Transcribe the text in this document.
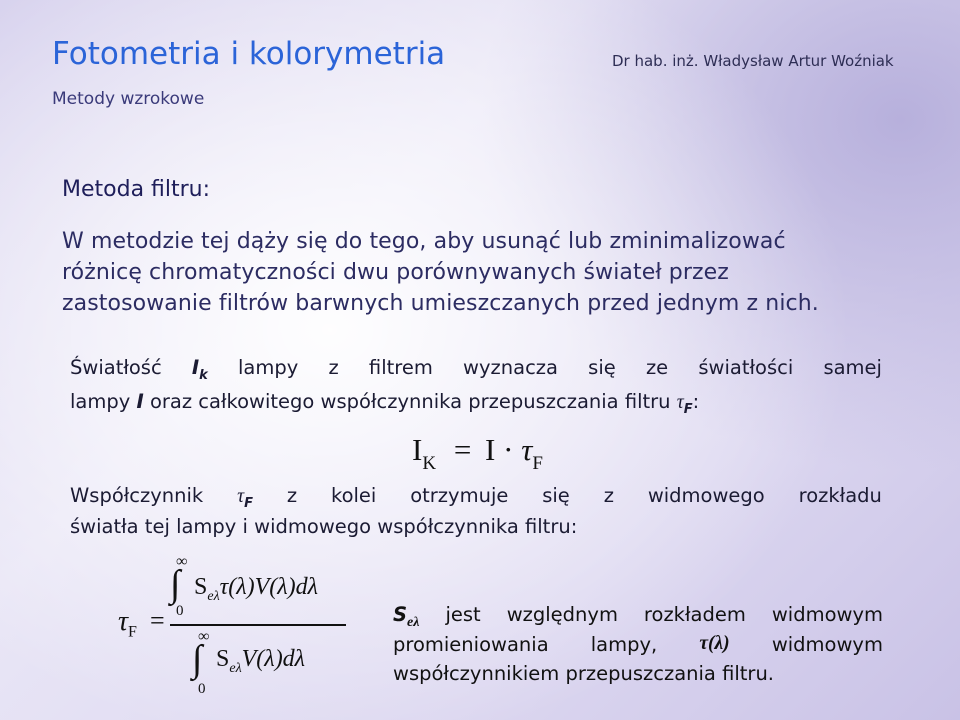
Fotometria i kolorymetria
Metody wzrokowe
Dr hab. inż. Władysław Artur Woźniak
Metoda filtru:
W metodzie tej dąży się do tego, aby usunąć lub zminimalizować
różnicę chromatyczności dwu porównywanych świateł przez
zastosowanie filtrów barwnych umieszczanych przed jednym z nich.
Światłość $I_k$ lampy z filtrem wyznacza się ze światłości samej
lampy I oraz całkowitego współczynnika przepuszczania filtru $\tau_F$:
$I_K = I \cdot \tau_F$
Współczynnik $\tau_F$ z kolei otrzymuje się z widmowego rozkładu
światła tej lampy i widmowego współczynnika filtru:
$\tau_F$ =
∞
∫
0
$S_{e\lambda}\tau(\lambda)V(\lambda)d\lambda$
∞
∫
0
$S_{e\lambda}V(\lambda)d\lambda$
$S_{e\lambda}$ jest względnym rozkładem widmowym
promieniowania lampy, τ(λ) widmowym
współczynnikiem przepuszczania filtru.
